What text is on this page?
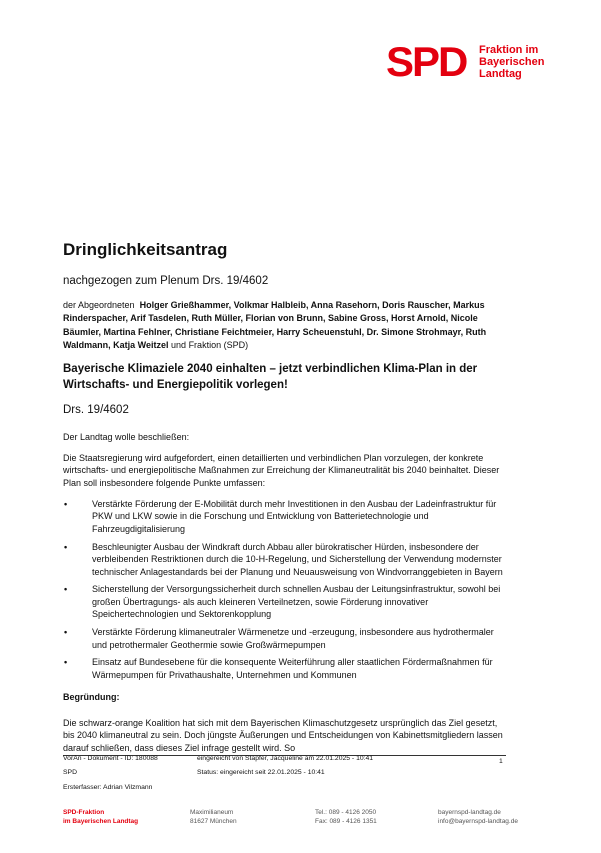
SPD Fraktion im
Bayerischen
Landtag
Dringlichkeitsantrag
nachgezogen zum Plenum Drs. 19/4602
der Abgeordneten Holger Grießhammer, Volkmar Halbleib, Anna Rasehorn, Doris Rauscher, Markus Rinderspacher, Arif Tasdelen, Ruth Müller, Florian von Brunn, Sabine Gross, Horst Arnold, Nicole Bäumler, Martina Fehlner, Christiane Feichtmeier, Harry Scheuenstuhl, Dr. Simone Strohmayr, Ruth Waldmann, Katja Weitzel und Fraktion (SPD)
Bayerische Klimaziele 2040 einhalten – jetzt verbindlichen Klima-Plan in der Wirtschafts- und Energiepolitik vorlegen!
Drs. 19/4602
Der Landtag wolle beschließen:
Die Staatsregierung wird aufgefordert, einen detaillierten und verbindlichen Plan vorzulegen, der konkrete wirtschafts- und energiepolitische Maßnahmen zur Erreichung der Klimaneutralität bis 2040 beinhaltet. Dieser Plan soll insbesondere folgende Punkte umfassen:
•	Verstärkte Förderung der E-Mobilität durch mehr Investitionen in den Ausbau der Ladeinfrastruktur für PKW und LKW sowie in die Forschung und Entwicklung von Batterietechnologie und Fahrzeugdigitalisierung
•	Beschleunigter Ausbau der Windkraft durch Abbau aller bürokratischer Hürden, insbesondere der verbleibenden Restriktionen durch die 10-H-Regelung, und Sicherstellung der Verwendung modernster technischer Anlagestandards bei der Planung und Neuausweisung von Windvorranggebieten in Bayern
•	Sicherstellung der Versorgungssicherheit durch schnellen Ausbau der Leitungsinfrastruktur, sowohl bei großen Übertragungs- als auch kleineren Verteilnetzen, sowie Förderung innovativer Speichertechnologien und Sektorenkopplung
•	Verstärkte Förderung klimaneutraler Wärmenetze und -erzeugung, insbesondere aus hydrothermaler und petrothermaler Geothermie sowie Großwärmepumpen
•	Einsatz auf Bundesebene für die konsequente Weiterführung aller staatlichen Fördermaßnahmen für Wärmepumpen für Privathaushalte, Unternehmen und Kommunen
Begründung:
Die schwarz-orange Koalition hat sich mit dem Bayerischen Klimaschutzgesetz ursprünglich das Ziel gesetzt, bis 2040 klimaneutral zu sein. Doch jüngste Äußerungen und Entscheidungen von Kabinettsmitgliedern lassen darauf schließen, dass dieses Ziel infrage gestellt wird. So
VorAn - Dokument - ID: 180088	eingereicht von Stapfer, Jacqueline am 22.01.2025 - 10:41	1
SPD	Status: eingereicht seit 22.01.2025 - 10:41
Ersterfasser: Adrian Vilzmann
SPD-Fraktion
im Bayerischen Landtag
Maximilianeum
81627 München
Tel.: 089 - 4126 2050
Fax: 089 - 4126 1351
bayernspd-landtag.de
info@bayernspd-landtag.de
